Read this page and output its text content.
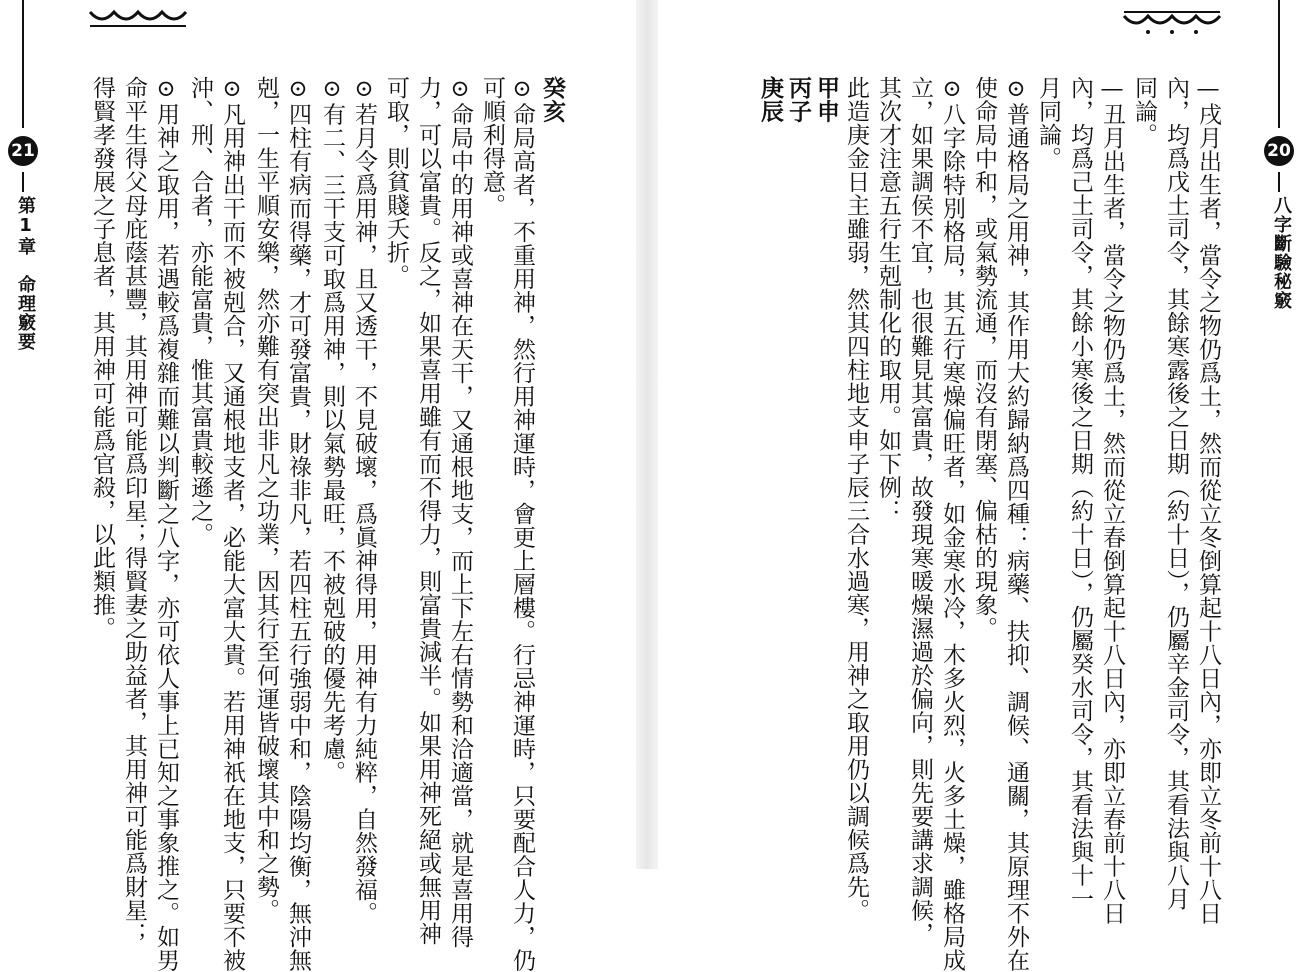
21
第1章　命理竅要
癸亥
⊙命局高者，不重用神，然行用神運時，會更上層樓。行忌神運時，只要配合人力，仍
可順利得意。
⊙命局中的用神或喜神在天干，又通根地支，而上下左右情勢和洽適當，就是喜用得
力，可以富貴。反之，如果喜用雖有而不得力，則富貴減半。如果用神死絕或無用神
可取，則貧賤夭折。
⊙若月令爲用神，且又透干，不見破壞，爲眞神得用，用神有力純粹，自然發福。
⊙有二、三干支可取爲用神，則以氣勢最旺，不被剋破的優先考慮。
⊙四柱有病而得藥，才可發富貴，財祿非凡，若四柱五行強弱中和，陰陽均衡，無沖無
剋，一生平順安樂，然亦難有突出非凡之功業，因其行至何運皆破壞其中和之勢。
⊙凡用神出干而不被剋合，又通根地支者，必能大富大貴。若用神祇在地支，只要不被
沖、刑、合者，亦能富貴，惟其富貴較遜之。
⊙用神之取用，若遇較爲複雜而難以判斷之八字，亦可依人事上已知之事象推之。如男
命平生得父母庇蔭甚豐，其用神可能爲印星；得賢妻之助益者，其用神可能爲財星；
得賢孝發展之子息者，其用神可能爲官殺，以此類推。	20
八字斷驗秘竅
—戌月出生者，當令之物仍爲土，然而從立冬倒算起十八日內，亦即立冬前十八日
內，均爲戊土司令，其餘寒露後之日期（約十日），仍屬辛金司令，其看法與八月
同論。
—丑月出生者，當令之物仍爲土，然而從立春倒算起十八日內，亦即立春前十八日
內，均爲己土司令，其餘小寒後之日期（約十日），仍屬癸水司令，其看法與十一
月同論。
⊙普通格局之用神，其作用大約歸納爲四種：病藥、扶抑、調候、通關，其原理不外在
使命局中和，或氣勢流通，而沒有閉塞、偏枯的現象。
⊙八字除特別格局，其五行寒燥偏旺者，如金寒水冷，木多火烈，火多土燥，雖格局成
立，如果調侯不宜，也很難見其富貴，故發現寒暖燥濕過於偏向，則先要講求調候，
其次才注意五行生剋制化的取用。如下例：
此造庚金日主雖弱，然其四柱地支申子辰三合水過寒，用神之取用仍以調候爲先。
甲申
丙子
庚辰
